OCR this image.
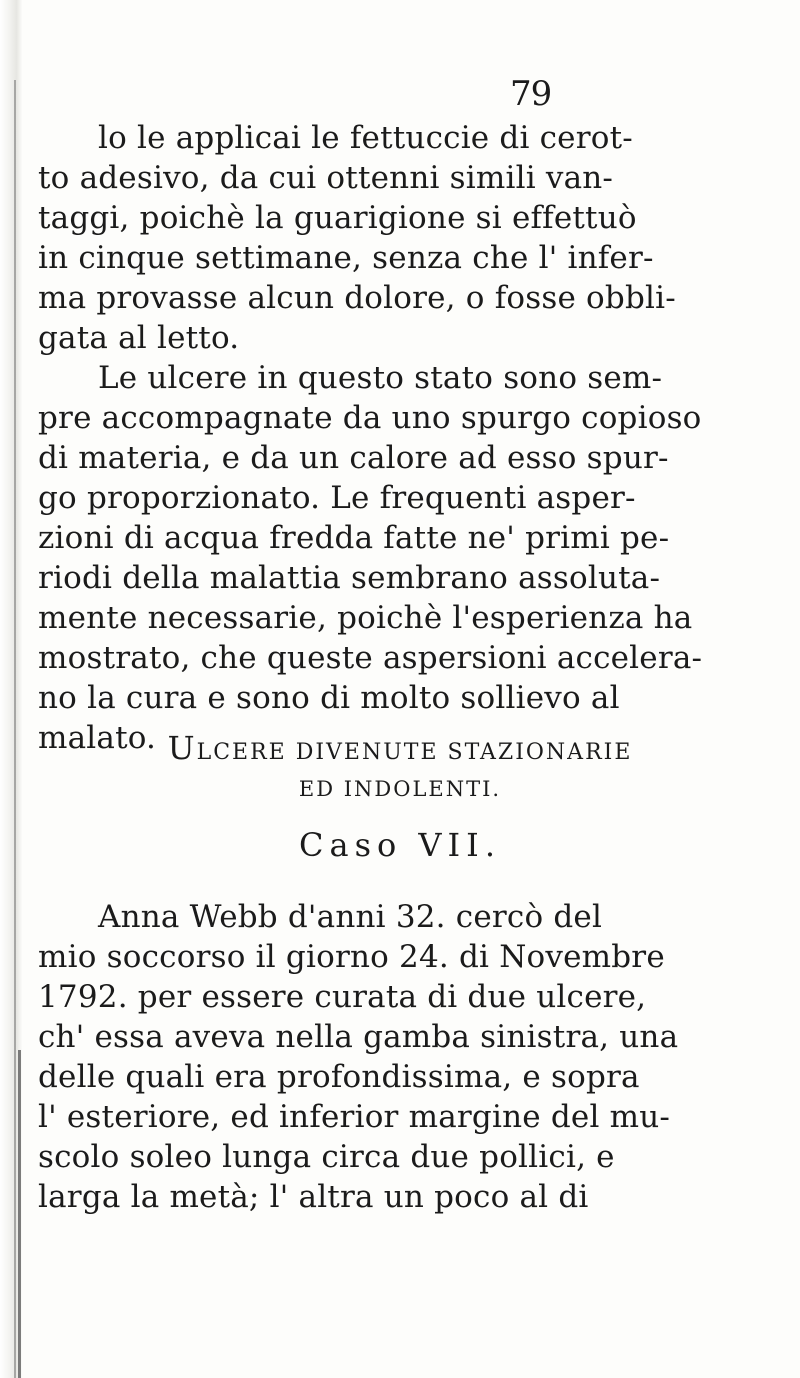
79
lo le applicai le fettuccie di cerot-
to adesivo, da cui ottenni simili van-
taggi, poichè la guarigione si effettuò
in cinque settimane, senza che l' infer-
ma provasse alcun dolore, o fosse obbli-
gata al letto.
Le ulcere in questo stato sono sem-
pre accompagnate da uno spurgo copioso
di materia, e da un calore ad esso spur-
go proporzionato. Le frequenti asper-
zioni di acqua fredda fatte ne' primi pe-
riodi della malattia sembrano assoluta-
mente necessarie, poichè l'esperienza ha
mostrato, che queste aspersioni accelera-
no la cura e sono di molto sollievo al
malato. ULCERE DIVENUTE STAZIONARIE
ED INDOLENTI.
Caso VII.
Anna Webb d'anni 32. cercò del
mio soccorso il giorno 24. di Novembre
1792. per essere curata di due ulcere,
ch' essa aveva nella gamba sinistra, una
delle quali era profondissima, e sopra
l' esteriore, ed inferior margine del mu-
scolo soleo lunga circa due pollici, e
larga la metà; l' altra un poco al di
